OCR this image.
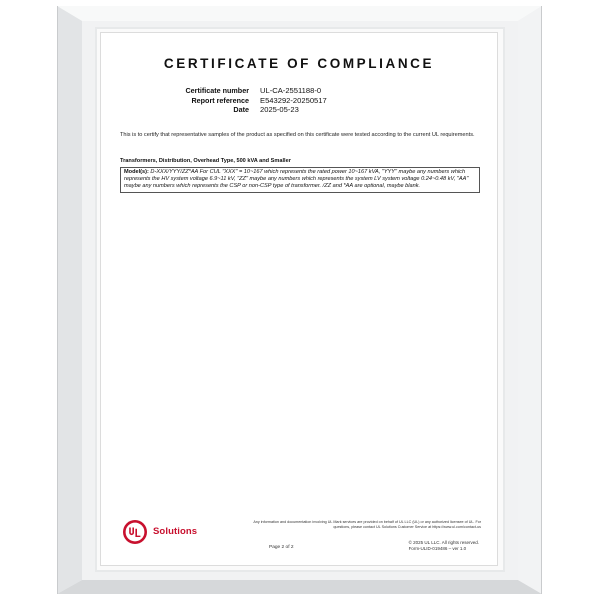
CERTIFICATE OF COMPLIANCE
Certificate number UL-CA-2551188-0
Report reference E543292-20250517
Date 2025-05-23
This is to certify that representative samples of the product as specified on this certificate were tested according to the current UL requirements.
Transformers, Distribution, Overhead Type, 500 kVA and Smaller
Model(s): D-XXX/YYY/ZZ*AA For CUL "XXX" = 10~167 which represents the rated power 10~167 kVA, "YYY" maybe any numbers which represents the HV system voltage 6.9~11 kV, "ZZ" maybe any numbers which represents the system LV system voltage 0.24~0.48 kV, "AA" maybe any numbers which represents the CSP or non-CSP type of transformer. /ZZ and *AA are optional, maybe blank.
Solutions
Any information and documentation involving UL Mark services are provided on behalf of UL LLC (UL) or any authorized licensee of UL. For questions, please contact UL Solutions Customer Service at https://www.ul.com/contact-us
Page 2 of 2
© 2025 UL LLC. All rights reserved.
Form-ULID-019486 – ver 1.0
